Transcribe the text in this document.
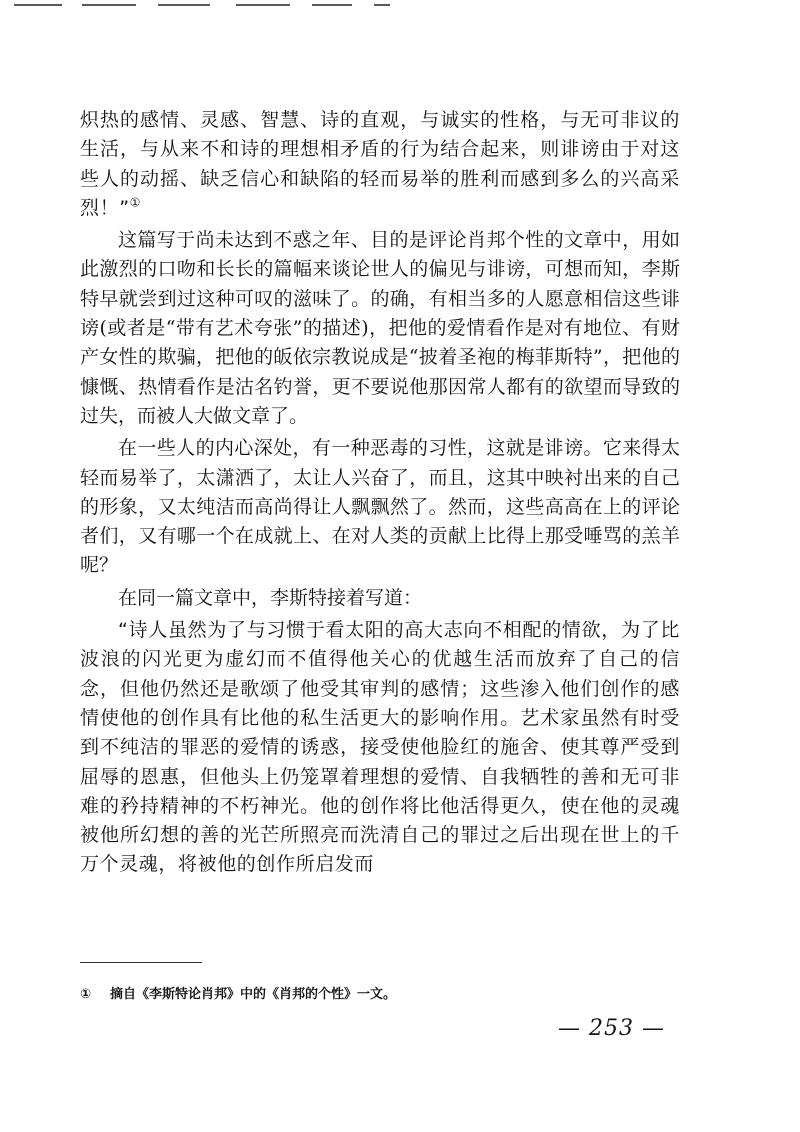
炽热的感情、灵感、智慧、诗的直观，与诚实的性格，与无可非议的生活，与从来不和诗的理想相矛盾的行为结合起来，则诽谤由于对这些人的动摇、缺乏信心和缺陷的轻而易举的胜利而感到多么的兴高采烈！”①

这篇写于尚未达到不惑之年、目的是评论肖邦个性的文章中，用如此激烈的口吻和长长的篇幅来谈论世人的偏见与诽谤，可想而知，李斯特早就尝到过这种可叹的滋味了。的确，有相当多的人愿意相信这些诽谤(或者是“带有艺术夸张”的描述)，把他的爱情看作是对有地位、有财产女性的欺骗，把他的皈依宗教说成是“披着圣袍的梅菲斯特”，把他的慷慨、热情看作是沽名钓誉，更不要说他那因常人都有的欲望而导致的过失，而被人大做文章了。

在一些人的内心深处，有一种恶毒的习性，这就是诽谤。它来得太轻而易举了，太潇洒了，太让人兴奋了，而且，这其中映衬出来的自己的形象，又太纯洁而高尚得让人飘飘然了。然而，这些高高在上的评论者们，又有哪一个在成就上、在对人类的贡献上比得上那受唾骂的羔羊呢？

在同一篇文章中，李斯特接着写道：

“诗人虽然为了与习惯于看太阳的高大志向不相配的情欲，为了比波浪的闪光更为虚幻而不值得他关心的优越生活而放弃了自己的信念，但他仍然还是歌颂了他受其审判的感情；这些渗入他们创作的感情使他的创作具有比他的私生活更大的影响作用。艺术家虽然有时受到不纯洁的罪恶的爱情的诱惑，接受使他脸红的施舍、使其尊严受到屈辱的恩惠，但他头上仍笼罩着理想的爱情、自我牺牲的善和无可非难的矜持精神的不朽神光。他的创作将比他活得更久，使在他的灵魂被他所幻想的善的光芒所照亮而洗清自己的罪过之后出现在世上的千万个灵魂，将被他的创作所启发而

① 摘自《李斯特论肖邦》中的《肖邦的个性》一文。
— 253 —
